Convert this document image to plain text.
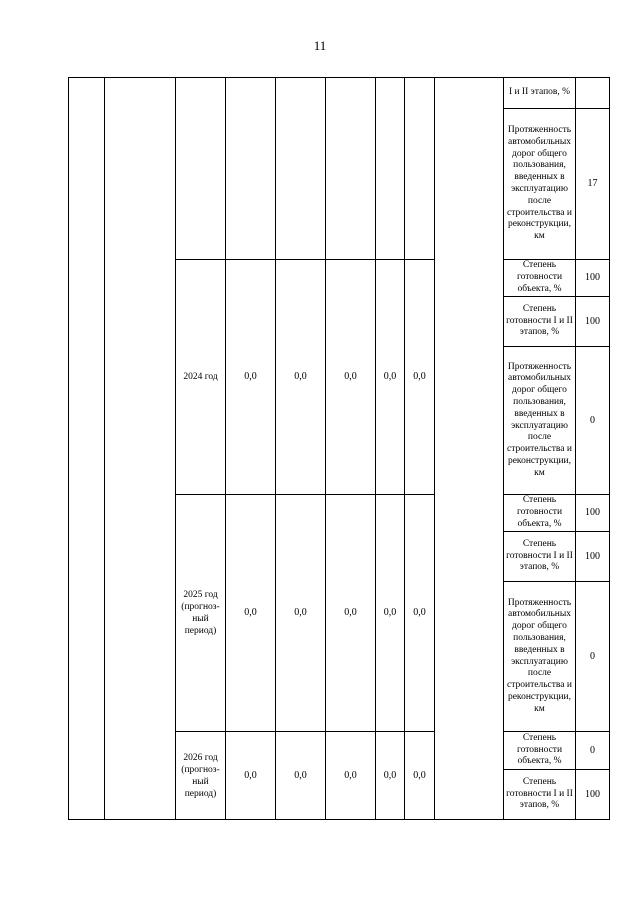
11
									I и II этапов, %	
									Протяженность автомобильных дорог общего пользования, введенных в эксплуатацию после строительства и реконструкции, км	17
		2024 год	0,0	0,0	0,0	0,0	0,0		Степень готовности объекта, %	100
									Степень готовности I и II этапов, %	100
									Протяженность автомобильных дорог общего пользования, введенных в эксплуатацию после строительства и реконструкции, км	0
		2025 год (прогнозный период)	0,0	0,0	0,0	0,0	0,0		Степень готовности объекта, %	100
									Степень готовности I и II этапов, %	100
									Протяженность автомобильных дорог общего пользования, введенных в эксплуатацию после строительства и реконструкции, км	0
		2026 год (прогнозный период)	0,0	0,0	0,0	0,0	0,0		Степень готовности объекта, %	0
									Степень готовности I и II этапов, %	100
